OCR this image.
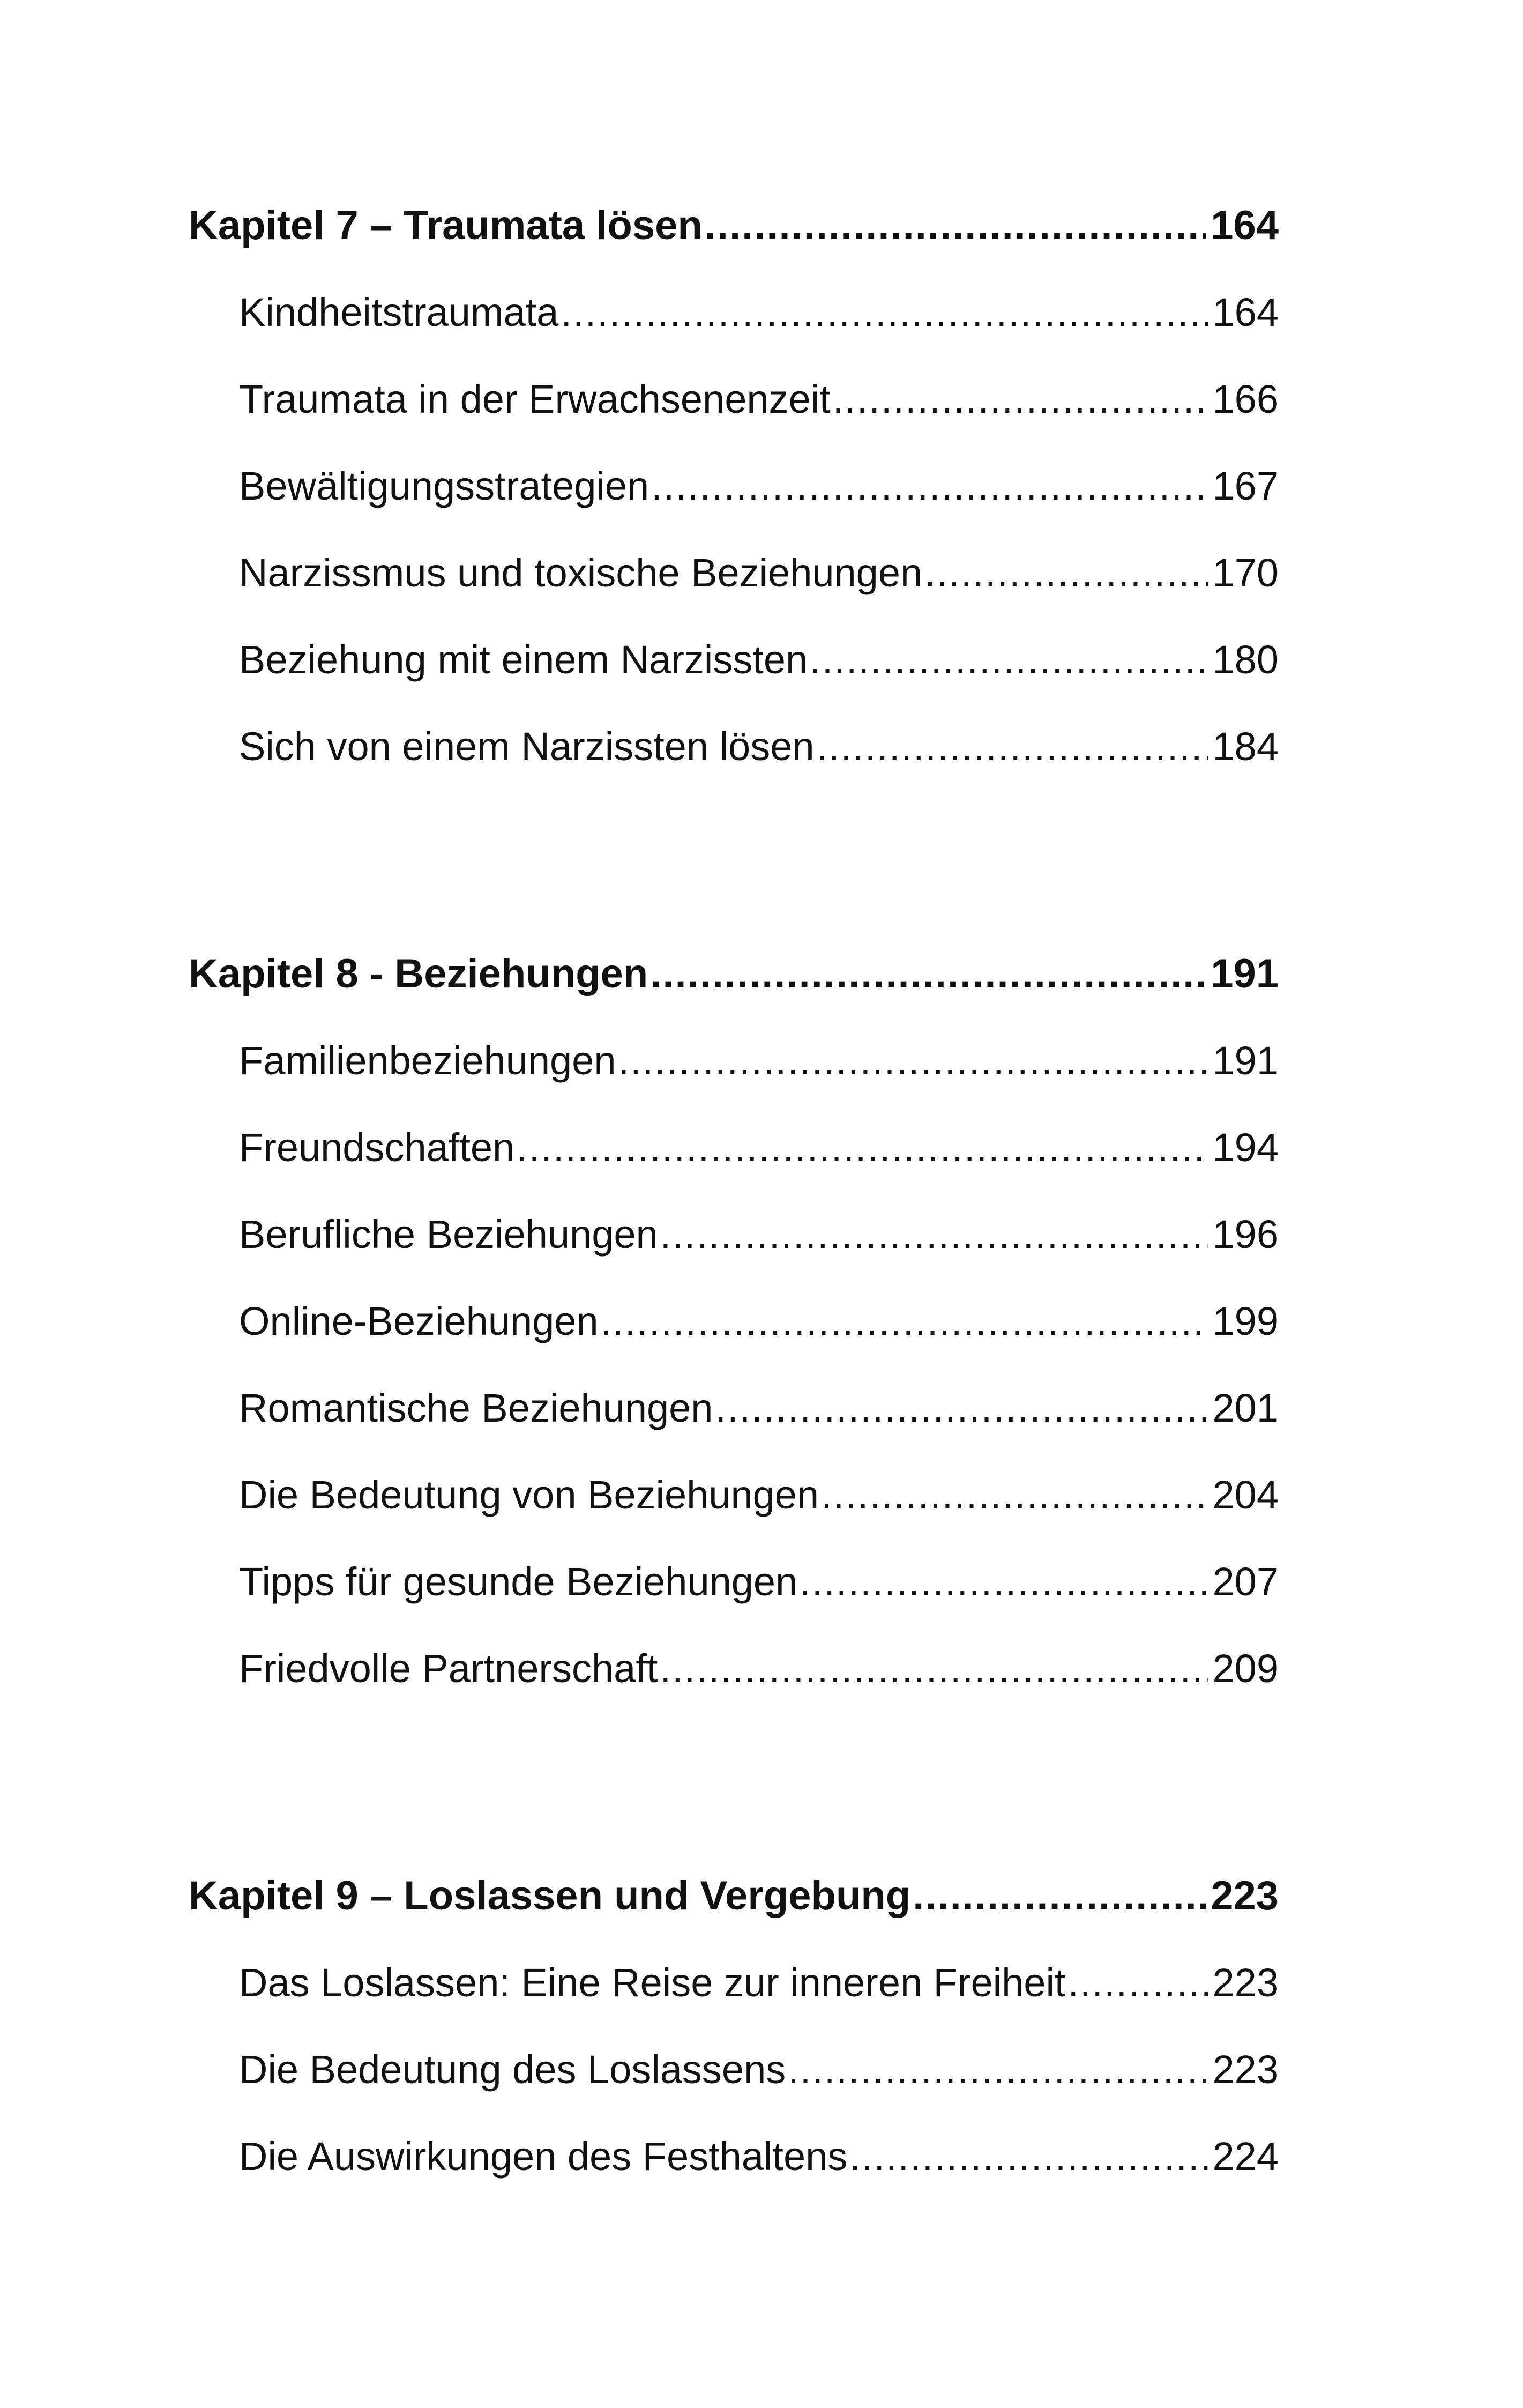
Kapitel 7 – Traumata lösen .....	164
Kindheitstraumata .....	164
Traumata in der Erwachsenenzeit .....	166
Bewältigungsstrategien .....	167
Narzissmus und toxische Beziehungen .....	170
Beziehung mit einem Narzissten .....	180
Sich von einem Narzissten lösen .....	184
Kapitel 8 - Beziehungen .....	191
Familienbeziehungen .....	191
Freundschaften .....	194
Berufliche Beziehungen .....	196
Online-Beziehungen .....	199
Romantische Beziehungen .....	201
Die Bedeutung von Beziehungen .....	204
Tipps für gesunde Beziehungen .....	207
Friedvolle Partnerschaft .....	209
Kapitel 9 – Loslassen und Vergebung .....	223
Das Loslassen: Eine Reise zur inneren Freiheit .....	223
Die Bedeutung des Loslassens .....	223
Die Auswirkungen des Festhaltens .....	224
